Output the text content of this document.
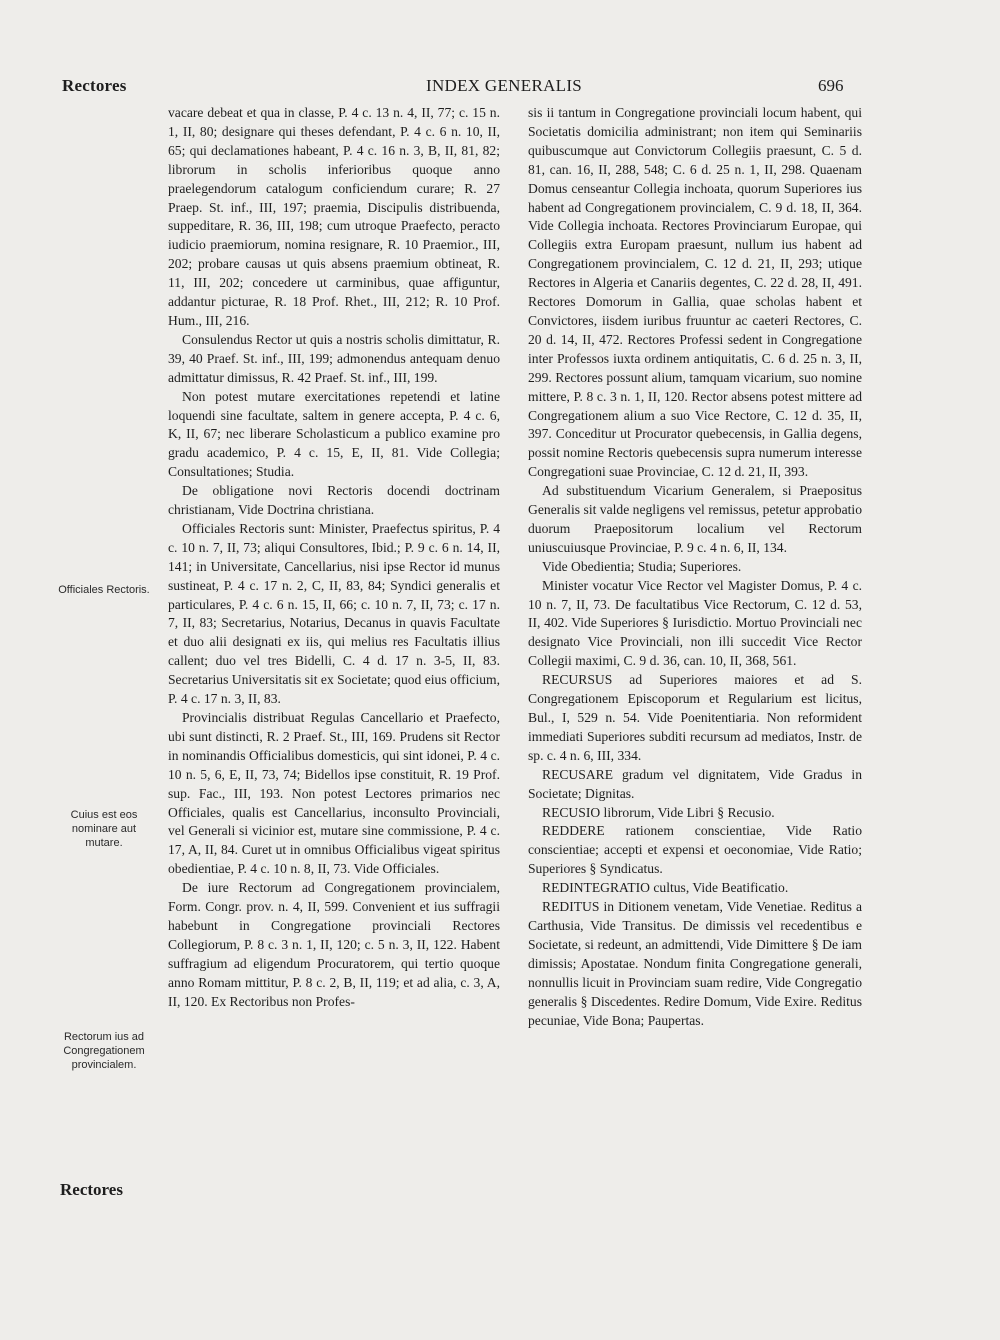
Rectores	INDEX GENERALIS	696
Officiales Rectoris.
Cuius est eos nominare aut mutare.
Rectorum ius ad Congregationem provincialem.

vacare debeat et qua in classe, P. 4 c. 13 n. 4, II, 77; c. 15 n. 1, II, 80; designare qui theses defendant, P. 4 c. 6 n. 10, II, 65; qui declamationes habeant, P. 4 c. 16 n. 3, B, II, 81, 82; librorum in scholis inferioribus quoque anno praelegendorum catalogum conficiendum curare; R. 27 Praep. St. inf., III, 197; praemia, Discipulis distribuenda, suppeditare, R. 36, III, 198; cum utroque Praefecto, peracto iudicio praemiorum, nomina resignare, R. 10 Praemior., III, 202; probare causas ut quis absens praemium obtineat, R. 11, III, 202; concedere ut carminibus, quae affiguntur, addantur picturae, R. 18 Prof. Rhet., III, 212; R. 10 Prof. Hum., III, 216.

Consulendus Rector ut quis a nostris scholis dimittatur, R. 39, 40 Praef. St. inf., III, 199; admonendus antequam denuo admittatur dimissus, R. 42 Praef. St. inf., III, 199.

Non potest mutare exercitationes repetendi et latine loquendi sine facultate, saltem in genere accepta, P. 4 c. 6, K, II, 67; nec liberare Scholasticum a publico examine pro gradu academico, P. 4 c. 15, E, II, 81. Vide Collegia; Consultationes; Studia.

De obligatione novi Rectoris docendi doctrinam christianam, Vide Doctrina christiana.

Officiales Rectoris sunt: Minister, Praefectus spiritus, P. 4 c. 10 n. 7, II, 73; aliqui Consultores, Ibid.; P. 9 c. 6 n. 14, II, 141; in Universitate, Cancellarius, nisi ipse Rector id munus sustineat, P. 4 c. 17 n. 2, C, II, 83, 84; Syndici generalis et particulares, P. 4 c. 6 n. 15, II, 66; c. 10 n. 7, II, 73; c. 17 n. 7, II, 83; Secretarius, Notarius, Decanus in quavis Facultate et duo alii designati ex iis, qui melius res Facultatis illius callent; duo vel tres Bidelli, C. 4 d. 17 n. 3-5, II, 83. Secretarius Universitatis sit ex Societate; quod eius officium, P. 4 c. 17 n. 3, II, 83.

Provincialis distribuat Regulas Cancellario et Praefecto, ubi sunt distincti, R. 2 Praef. St., III, 169. Prudens sit Rector in nominandis Officialibus domesticis, qui sint idonei, P. 4 c. 10 n. 5, 6, E, II, 73, 74; Bidellos ipse constituit, R. 19 Prof. sup. Fac., III, 193. Non potest Lectores primarios nec Officiales, qualis est Cancellarius, inconsulto Provinciali, vel Generali si vicinior est, mutare sine commissione, P. 4 c. 17, A, II, 84. Curet ut in omnibus Officialibus vigeat spiritus obedientiae, P. 4 c. 10 n. 8, II, 73. Vide Officiales.

De iure Rectorum ad Congregationem provincialem, Form. Congr. prov. n. 4, II, 599. Convenient et ius suffragii habebunt in Congregatione provinciali Rectores Collegiorum, P. 8 c. 3 n. 1, II, 120; c. 5 n. 3, II, 122. Habent suffragium ad eligendum Procuratorem, qui tertio quoque anno Romam mittitur, P. 8 c. 2, B, II, 119; et ad alia, c. 3, A, II, 120. Ex Rectoribus non Profes-

sis ii tantum in Congregatione provinciali locum habent, qui Societatis domicilia administrant; non item qui Seminariis quibuscumque aut Convictorum Collegiis praesunt, C. 5 d. 81, can. 16, II, 288, 548; C. 6 d. 25 n. 1, II, 298. Quaenam Domus censeantur Collegia inchoata, quorum Superiores ius habent ad Congregationem provincialem, C. 9 d. 18, II, 364. Vide Collegia inchoata. Rectores Provinciarum Europae, qui Collegiis extra Europam praesunt, nullum ius habent ad Congregationem provincialem, C. 12 d. 21, II, 293; utique Rectores in Algeria et Canariis degentes, C. 22 d. 28, II, 491. Rectores Domorum in Gallia, quae scholas habent et Convictores, iisdem iuribus fruuntur ac caeteri Rectores, C. 20 d. 14, II, 472. Rectores Professi sedent in Congregatione inter Professos iuxta ordinem antiquitatis, C. 6 d. 25 n. 3, II, 299. Rectores possunt alium, tamquam vicarium, suo nomine mittere, P. 8 c. 3 n. 1, II, 120. Rector absens potest mittere ad Congregationem alium a suo Vice Rectore, C. 12 d. 35, II, 397. Conceditur ut Procurator quebecensis, in Gallia degens, possit nomine Rectoris quebecensis supra numerum interesse Congregationi suae Provinciae, C. 12 d. 21, II, 393.

Ad substituendum Vicarium Generalem, si Praepositus Generalis sit valde negligens vel remissus, petetur approbatio duorum Praepositorum localium vel Rectorum uniuscuiusque Provinciae, P. 9 c. 4 n. 6, II, 134.

Vide Obedientia; Studia; Superiores.

Minister vocatur Vice Rector vel Magister Domus, P. 4 c. 10 n. 7, II, 73. De facultatibus Vice Rectorum, C. 12 d. 53, II, 402. Vide Superiores § Iurisdictio. Mortuo Provinciali nec designato Vice Provinciali, non illi succedit Vice Rector Collegii maximi, C. 9 d. 36, can. 10, II, 368, 561.

RECURSUS ad Superiores maiores et ad S. Congregationem Episcoporum et Regularium est licitus, Bul., I, 529 n. 54. Vide Poenitentiaria. Non reformident immediati Superiores subditi recursum ad mediatos, Instr. de sp. c. 4 n. 6, III, 334.

RECUSARE gradum vel dignitatem, Vide Gradus in Societate; Dignitas.

RECUSIO librorum, Vide Libri § Recusio.

REDDERE rationem conscientiae, Vide Ratio conscientiae; accepti et expensi et oeconomiae, Vide Ratio; Superiores § Syndicatus.

REDINTEGRATIO cultus, Vide Beatificatio.

REDITUS in Ditionem venetam, Vide Venetiae. Reditus a Carthusia, Vide Transitus. De dimissis vel recedentibus e Societate, si redeunt, an admittendi, Vide Dimittere § De iam dimissis; Apostatae. Nondum finita Congregatione generali, nonnullis licuit in Provinciam suam redire, Vide Congregatio generalis § Discedentes. Redire Domum, Vide Exire. Reditus pecuniae, Vide Bona; Paupertas.

Rectores
